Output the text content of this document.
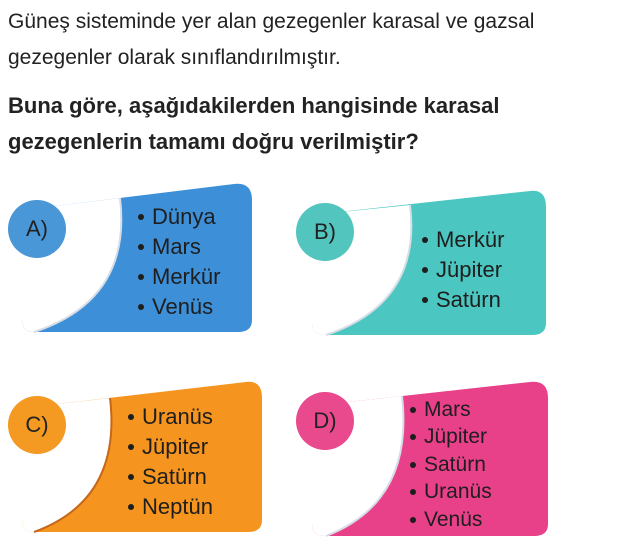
Güneş sisteminde yer alan gezegenler karasal ve gazsal gezegenler olarak sınıflandırılmıştır.

Buna göre, aşağıdakilerden hangisinde karasal gezegenlerin tamamı doğru verilmiştir?

A)	Dünya
Mars
Merkür
Venüs
B)	Merkür
Jüpiter
Satürn
C)	Uranüs
Jüpiter
Satürn
Neptün
D)	Mars
Jüpiter
Satürn
Uranüs
Venüs
